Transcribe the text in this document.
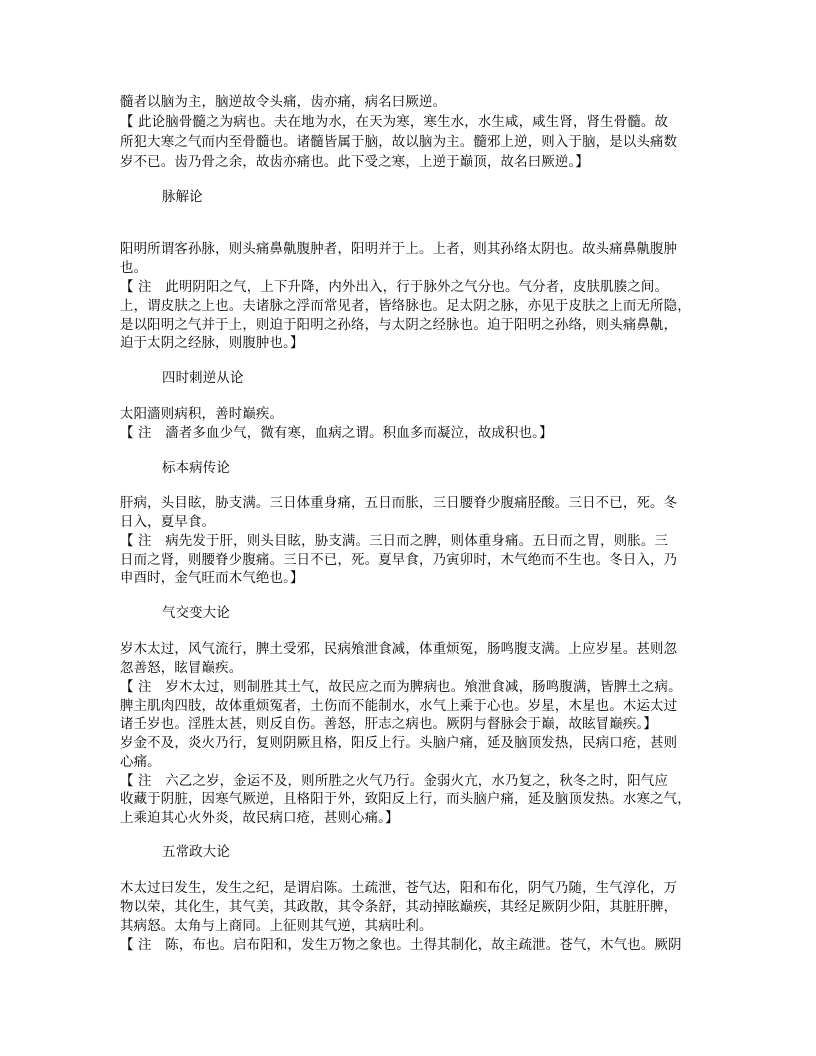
髓者以脑为主，脑逆故令头痛，齿亦痛，病名曰厥逆。
【 此论脑骨髓之为病也。夫在地为水，在天为寒，寒生水，水生咸，咸生肾，肾生骨髓。故
所犯大寒之气而内至骨髓也。诸髓皆属于脑，故以脑为主。髓邪上逆，则入于脑，是以头痛数
岁不已。齿乃骨之余，故齿亦痛也。此下受之寒，上逆于巅顶，故名曰厥逆。】
脉解论
阳明所谓客孙脉，则头痛鼻鼽腹肿者，阳明并于上。上者，则其孙络太阴也。故头痛鼻鼽腹肿
也。
【 注　此明阴阳之气，上下升降，内外出入，行于脉外之气分也。气分者，皮肤肌腠之间。
上，谓皮肤之上也。夫诸脉之浮而常见者，皆络脉也。足太阴之脉，亦见于皮肤之上而无所隐，
是以阳明之气并于上，则迫于阳明之孙络，与太阴之经脉也。迫于阳明之孙络，则头痛鼻鼽，
迫于太阴之经脉，则腹肿也。】
四时刺逆从论
太阳濇则病积，善时巅疾。
【 注　濇者多血少气，微有寒，血病之谓。积血多而凝泣，故成积也。】
标本病传论
肝病，头目眩，胁支满。三日体重身痛，五日而胀，三日腰脊少腹痛胫酸。三日不已，死。冬
日入，夏早食。
【 注　病先发于肝，则头目眩，胁支满。三日而之脾，则体重身痛。五日而之胃，则胀。三
日而之肾，则腰脊少腹痛。三日不已，死。夏早食，乃寅卯时，木气绝而不生也。冬日入，乃
申酉时，金气旺而木气绝也。】
气交变大论
岁木太过，风气流行，脾土受邪，民病飧泄食减，体重烦冤，肠鸣腹支满。上应岁星。甚则忽
忽善怒，眩冒巅疾。
【 注　岁木太过，则制胜其土气，故民应之而为脾病也。飧泄食减，肠鸣腹满，皆脾土之病。
脾主肌肉四肢，故体重烦冤者，土伤而不能制水，水气上乘于心也。岁星，木星也。木运太过
诸壬岁也。淫胜太甚，则反自伤。善怒，肝志之病也。厥阴与督脉会于巅，故眩冒巅疾。】
岁金不及，炎火乃行，复则阴厥且格，阳反上行。头脑户痛，延及脑顶发热，民病口疮，甚则
心痛。
【 注　六乙之岁，金运不及，则所胜之火气乃行。金弱火亢，水乃复之，秋冬之时，阳气应
收藏于阴脏，因寒气厥逆，且格阳于外，致阳反上行，而头脑户痛，延及脑顶发热。水寒之气，
上乘迫其心火外炎，故民病口疮，甚则心痛。】
五常政大论
木太过曰发生，发生之纪，是谓启陈。土疏泄，苍气达，阳和布化，阴气乃随，生气淳化，万
物以荣，其化生，其气美，其政散，其令条舒，其动掉眩巅疾，其经足厥阴少阳，其脏肝脾，
其病怒。太角与上商同。上征则其气逆，其病吐利。
【 注　陈，布也。启布阳和，发生万物之象也。土得其制化，故主疏泄。苍气，木气也。厥阴
